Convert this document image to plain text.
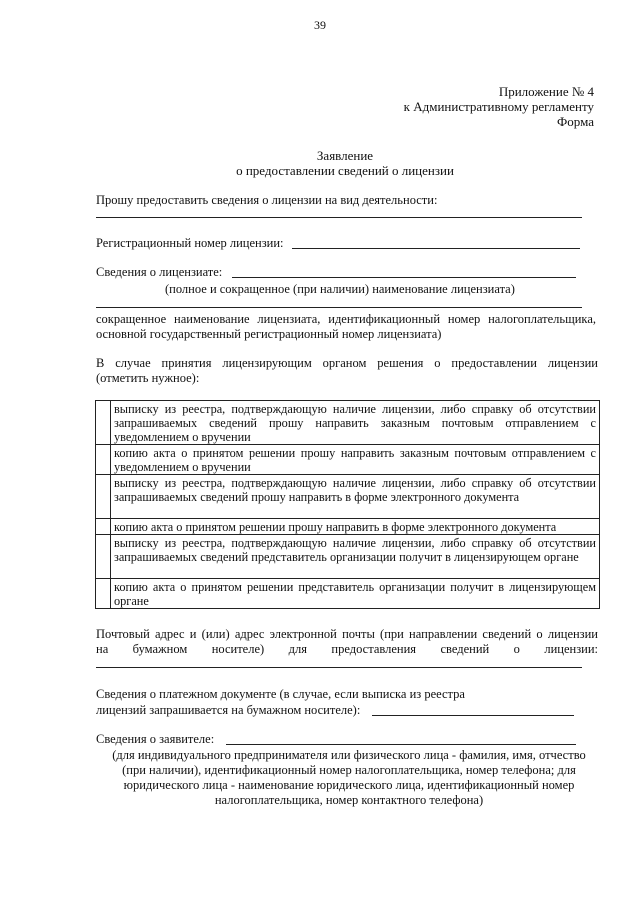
39
Приложение № 4
к Административному регламенту
Форма
Заявление
о предоставлении сведений о лицензии
Прошу предоставить сведения о лицензии на вид деятельности:
Регистрационный номер лицензии:
Сведения о лицензиате:
(полное и сокращенное (при наличии) наименование лицензиата)
сокращенное наименование лицензиата, идентификационный номер налогоплательщика,
основной государственный регистрационный номер лицензиата)
В случае принятия лицензирующим органом решения о предоставлении лицензии
(отметить нужное):
	выписку из реестра, подтверждающую наличие лицензии, либо справку об отсутствии запрашиваемых сведений прошу направить заказным почтовым отправлением с уведомлением о вручении
	копию акта о принятом решении прошу направить заказным почтовым отправлением с уведомлением о вручении
	выписку из реестра, подтверждающую наличие лицензии, либо справку об отсутствии запрашиваемых сведений прошу направить в форме электронного документа
	копию акта о принятом решении прошу направить в форме электронного документа
	выписку из реестра, подтверждающую наличие лицензии, либо справку об отсутствии запрашиваемых сведений представитель организации получит в лицензирующем органе
	копию акта о принятом решении представитель организации получит в лицензирующем органе
Почтовый адрес и (или) адрес электронной почты (при направлении сведений о лицензии
на бумажном носителе) для предоставления сведений о лицензии:
Сведения о платежном документе (в случае, если выписка из реестра
лицензий запрашивается на бумажном носителе):
Сведения о заявителе:
(для индивидуального предпринимателя или физического лица - фамилия, имя, отчество
(при наличии), идентификационный номер налогоплательщика, номер телефона; для
юридического лица - наименование юридического лица, идентификационный номер
налогоплательщика, номер контактного телефона)
